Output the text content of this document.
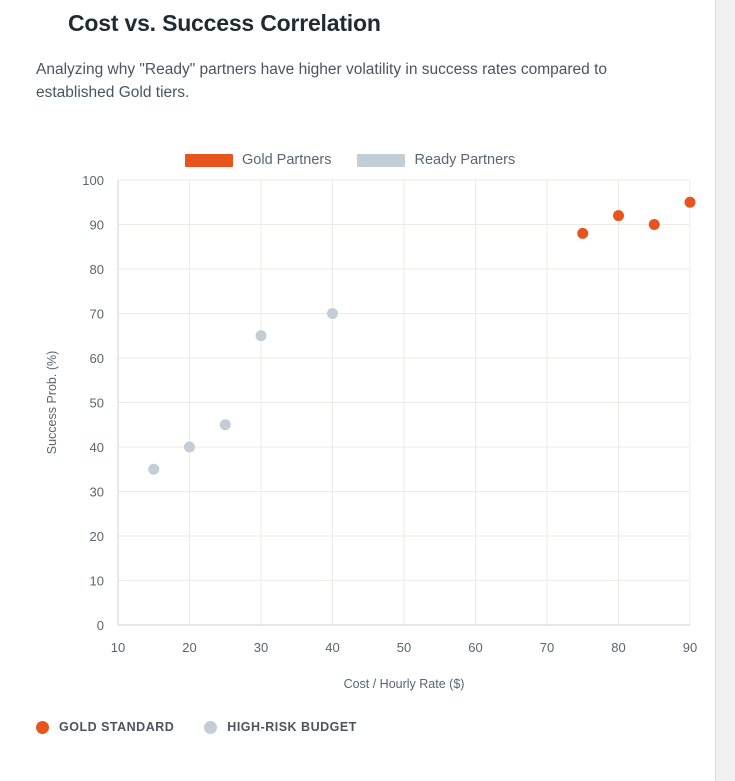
Cost vs. Success Correlation
Analyzing why "Ready" partners have higher volatility in success rates compared to established Gold tiers.
Gold Partners	Ready Partners
0
10
20
30
40
50
60
70
80
90
100
10	20	30	40	50	60	70	80	90
Cost / Hourly Rate ($)
Success Prob. (%)
GOLD STANDARD	HIGH-RISK BUDGET
